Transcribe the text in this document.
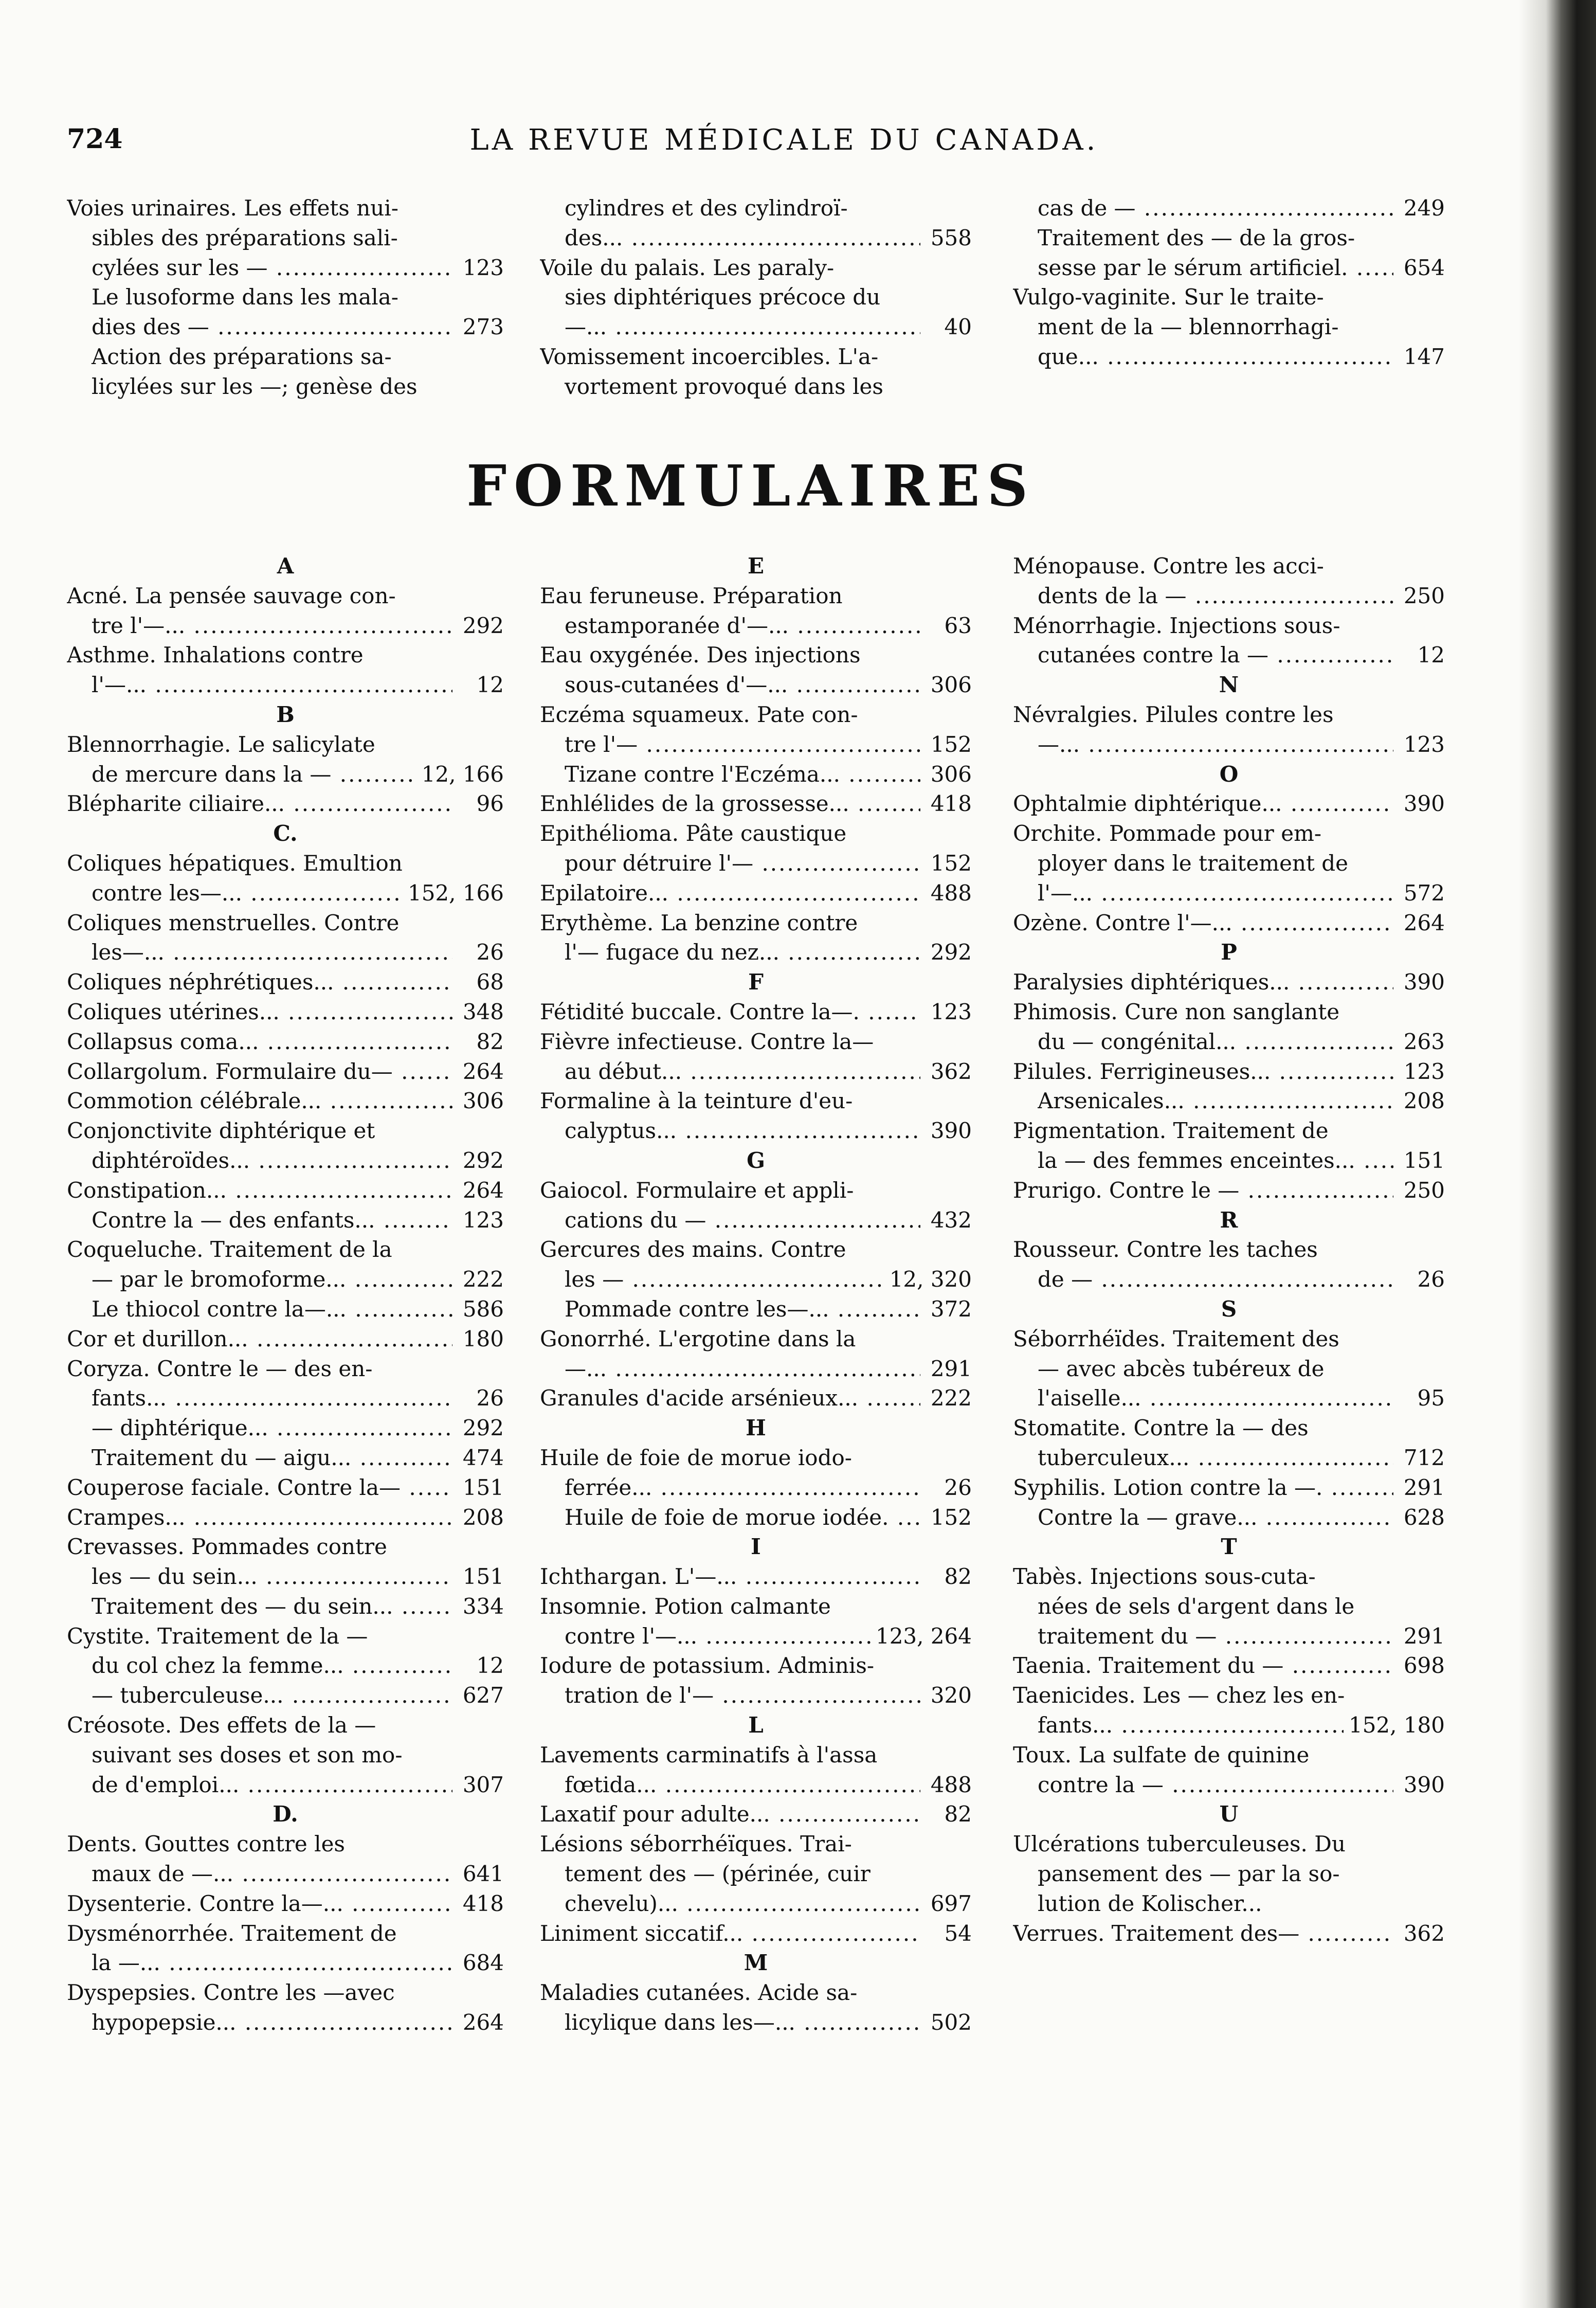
724	LA REVUE MÉDICALE DU CANADA.
Voies urinaires. Les effets nui-
sibles des préparations sali-
cylées sur les — .....	123
Le lusoforme dans les mala-
dies des — .....	273
Action des préparations sa-
licylées sur les —; genèse des
cylindres et des cylindroï-
des... .....	558
Voile du palais. Les paraly-
sies diphtériques précoce du
—... .....	40
Vomissement incoercibles. L'a-
vortement provoqué dans les
cas de — .....	249
Traitement des — de la gros-
sesse par le sérum artificiel. .....	654
Vulgo-vaginite. Sur le traite-
ment de la — blennorrhagi-
que... .....	147
FORMULAIRES
A
Acné. La pensée sauvage con-
tre l'—... .....	292
Asthme. Inhalations contre
l'—... .....	12
B
Blennorrhagie. Le salicylate
de mercure dans la — .....	12, 166
Blépharite ciliaire... .....	96
C.
Coliques hépatiques. Emultion
contre les—... .....	152, 166
Coliques menstruelles. Contre
les—... .....	26
Coliques néphrétiques... .....	68
Coliques utérines... .....	348
Collapsus coma... .....	82
Collargolum. Formulaire du— .....	264
Commotion célébrale... .....	306
Conjonctivite diphtérique et
diphtéroïdes... .....	292
Constipation... .....	264
Contre la — des enfants... .....	123
Coqueluche. Traitement de la
— par le bromoforme... .....	222
Le thiocol contre la—... .....	586
Cor et durillon... .....	180
Coryza. Contre le — des en-
fants... .....	26
— diphtérique... .....	292
Traitement du — aigu... .....	474
Couperose faciale. Contre la— .....	151
Crampes... .....	208
Crevasses. Pommades contre
les — du sein... .....	151
Traitement des — du sein... .....	334
Cystite. Traitement de la —
du col chez la femme... .....	12
— tuberculeuse... .....	627
Créosote. Des effets de la —
suivant ses doses et son mo-
de d'emploi... .....	307
D.
Dents. Gouttes contre les
maux de —... .....	641
Dysenterie. Contre la—... .....	418
Dysménorrhée. Traitement de
la —... .....	684
Dyspepsies. Contre les —avec
hypopepsie... .....	264
E
Eau feruneuse. Préparation
estamporanée d'—... .....	63
Eau oxygénée. Des injections
sous-cutanées d'—... .....	306
Eczéma squameux. Pate con-
tre l'— .....	152
Tizane contre l'Eczéma... .....	306
Enhlélides de la grossesse... .....	418
Epithélioma. Pâte caustique
pour détruire l'— .....	152
Epilatoire... .....	488
Erythème. La benzine contre
l'— fugace du nez... .....	292
F
Fétidité buccale. Contre la—. .....	123
Fièvre infectieuse. Contre la—
au début... .....	362
Formaline à la teinture d'eu-
calyptus... .....	390
G
Gaiocol. Formulaire et appli-
cations du — .....	432
Gercures des mains. Contre
les — .....	12, 320
Pommade contre les—... .....	372
Gonorrhé. L'ergotine dans la
—... .....	291
Granules d'acide arsénieux... .....	222
H
Huile de foie de morue iodo-
ferrée... .....	26
Huile de foie de morue iodée. .....	152
I
Ichthargan. L'—... .....	82
Insomnie. Potion calmante
contre l'—... .....	123, 264
Iodure de potassium. Adminis-
tration de l'— .....	320
L
Lavements carminatifs à l'assa
fœtida... .....	488
Laxatif pour adulte... .....	82
Lésions séborrhéïques. Trai-
tement des — (périnée, cuir
chevelu)... .....	697
Liniment siccatif... .....	54
M
Maladies cutanées. Acide sa-
licylique dans les—... .....	502
Ménopause. Contre les acci-
dents de la — .....	250
Ménorrhagie. Injections sous-
cutanées contre la — .....	12
N
Névralgies. Pilules contre les
—... .....	123
O
Ophtalmie diphtérique... .....	390
Orchite. Pommade pour em-
ployer dans le traitement de
l'—... .....	572
Ozène. Contre l'—... .....	264
P
Paralysies diphtériques... .....	390
Phimosis. Cure non sanglante
du — congénital... .....	263
Pilules. Ferrigineuses... .....	123
Arsenicales... .....	208
Pigmentation. Traitement de
la — des femmes enceintes... .....	151
Prurigo. Contre le — .....	250
R
Rousseur. Contre les taches
de — .....	26
S
Séborrhéïdes. Traitement des
— avec abcès tubéreux de
l'aiselle... .....	95
Stomatite. Contre la — des
tuberculeux... .....	712
Syphilis. Lotion contre la —. .....	291
Contre la — grave... .....	628
T
Tabès. Injections sous-cuta-
nées de sels d'argent dans le
traitement du — .....	291
Taenia. Traitement du — .....	698
Taenicides. Les — chez les en-
fants... .....	152, 180
Toux. La sulfate de quinine
contre la — .....	390
U
Ulcérations tuberculeuses. Du
pansement des — par la so-
lution de Kolischer...
Verrues. Traitement des— .....	362
